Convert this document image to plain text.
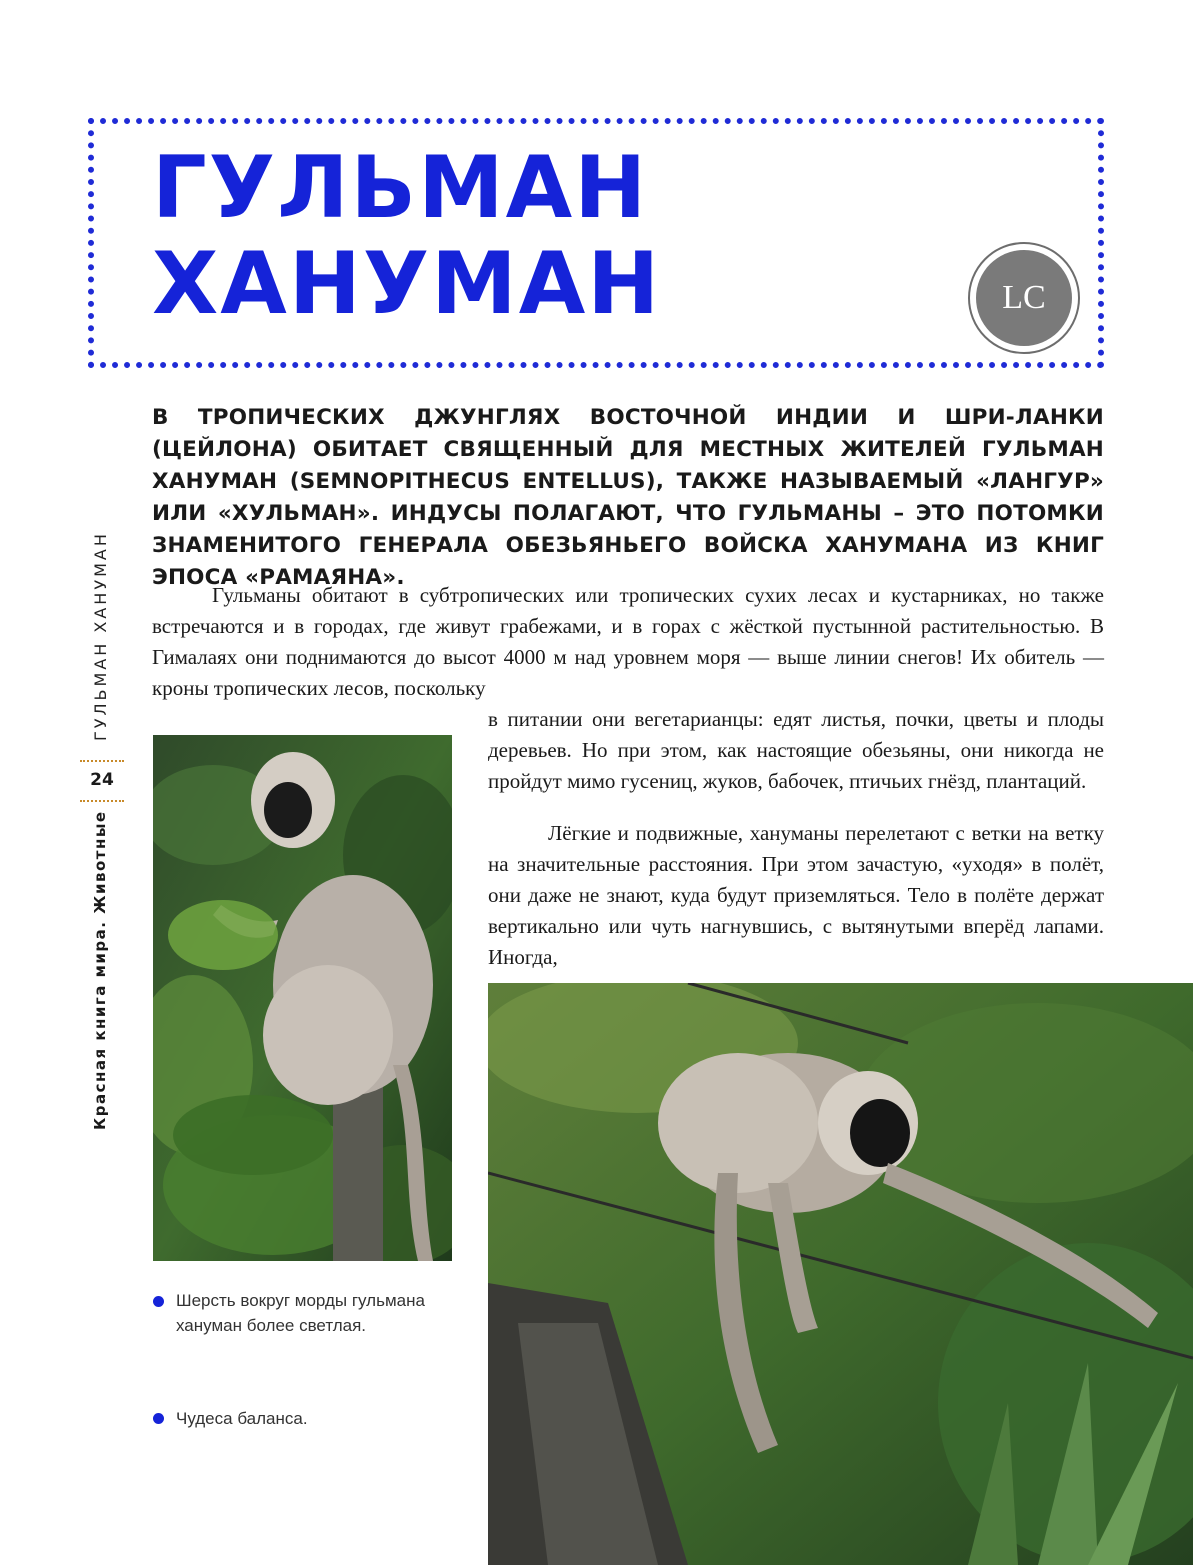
ГУЛЬМАН
ХАНУМАН	LC

В ТРОПИЧЕСКИХ ДЖУНГЛЯХ ВОСТОЧНОЙ ИНДИИ И ШРИ-ЛАНКИ (ЦЕЙЛОНА) ОБИТАЕТ СВЯЩЕННЫЙ ДЛЯ МЕСТНЫХ ЖИТЕЛЕЙ ГУЛЬМАН ХАНУМАН (SEMNOPITHECUS ENTELLUS), ТАКЖЕ НАЗЫВАЕМЫЙ «ЛАНГУР» ИЛИ «ХУЛЬМАН». ИНДУСЫ ПОЛАГАЮТ, ЧТО ГУЛЬМАНЫ – ЭТО ПОТОМКИ ЗНАМЕНИТОГО ГЕНЕРАЛА ОБЕЗЬЯНЬЕГО ВОЙСКА ХАНУМАНА ИЗ КНИГ ЭПОСА «РАМАЯНА».

Гульманы обитают в субтропических или тропических сухих лесах и кустарниках, но также встречаются и в городах, где живут грабежами, и в горах с жёсткой пустынной растительностью. В Гималаях они поднимаются до высот 4000 м над уровнем моря — выше линии снегов! Их обитель — кроны тропических лесов, поскольку

в питании они вегетарианцы: едят листья, почки, цветы и плоды деревьев. Но при этом, как настоящие обезьяны, они никогда не пройдут мимо гусениц, жуков, бабочек, птичьих гнёзд, плантаций.

Лёгкие и подвижные, хануманы перелетают с ветки на ветку на значительные расстояния. При этом зачастую, «уходя» в полёт, они даже не знают, куда будут приземляться. Тело в полёте держат вертикально или чуть нагнувшись, с вытянутыми вперёд лапами. Иногда,

ГУЛЬМАН ХАНУМАН
24
Красная книга мира. Животные

Шерсть вокруг морды гульмана хануман более светлая.

Чудеса баланса.
